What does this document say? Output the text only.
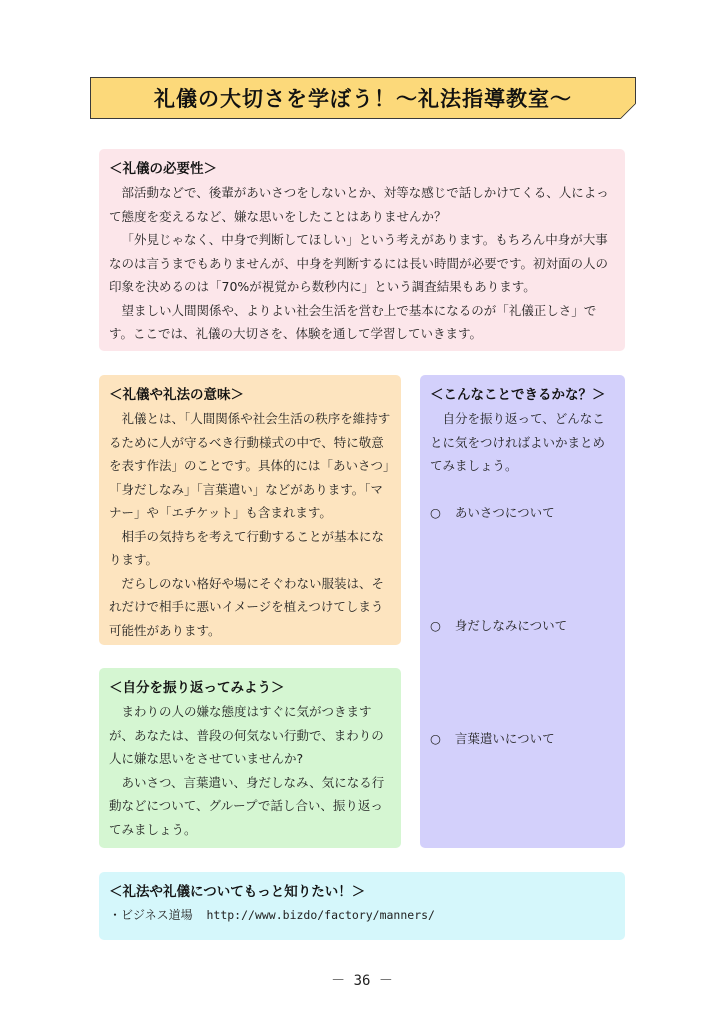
礼儀の大切さを学ぼう！～礼法指導教室～
＜礼儀の必要性＞

部活動などで、後輩があいさつをしないとか、対等な感じで話しかけてくる、人によって態度を変えるなど、嫌な思いをしたことはありませんか？

「外見じゃなく、中身で判断してほしい」という考えがあります。もちろん中身が大事なのは言うまでもありませんが、中身を判断するには長い時間が必要です。初対面の人の印象を決めるのは「70%が視覚から数秒内に」という調査結果もあります。

望ましい人間関係や、よりよい社会生活を営む上で基本になるのが「礼儀正しさ」です。ここでは、礼儀の大切さを、体験を通して学習していきます。

＜礼儀や礼法の意味＞

礼儀とは、「人間関係や社会生活の秩序を維持するために人が守るべき行動様式の中で、特に敬意を表す作法」のことです。具体的には「あいさつ」「身だしなみ」「言葉遣い」などがあります。「マナー」や「エチケット」も含まれます。

相手の気持ちを考えて行動することが基本になります。

だらしのない格好や場にそぐわない服装は、それだけで相手に悪いイメージを植えつけてしまう可能性があります。

＜自分を振り返ってみよう＞

まわりの人の嫌な態度はすぐに気がつきますが、あなたは、普段の何気ない行動で、まわりの人に嫌な思いをさせていませんか?

あいさつ、言葉遣い、身だしなみ、気になる行動などについて、グループで話し合い、振り返ってみましょう。

＜こんなことできるかな？＞

自分を振り返って、どんなことに気をつければよいかまとめてみましょう。

○ あいさつについて
○ 身だしなみについて
○ 言葉遣いについて
＜礼法や礼儀についてもっと知りたい！＞
・ビジネス道場 http://www.bizdo/factory/manners/
－ 36 －
